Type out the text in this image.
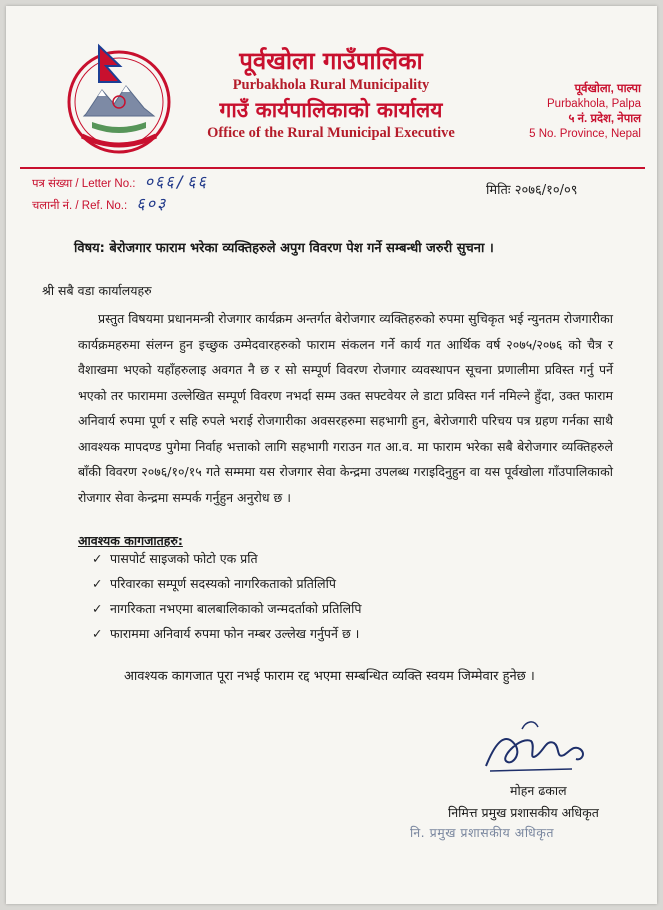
पूर्वखोला गाउँपालिका
Purbakhola Rural Municipality
गाउँ कार्यपालिकाको कार्यालय
Office of the Rural Municipal Executive
पूर्वखोला, पाल्पा
Purbakhola, Palpa
५ नं. प्रदेश, नेपाल
5 No. Province, Nepal
पत्र संख्या / Letter No.: ०६६/६६
चलानी नं. / Ref. No.: ६०३
मितिः २०७६/१०/०९
विषय: बेरोजगार फाराम भरेका व्यक्तिहरुले अपुग विवरण पेश गर्ने सम्बन्धी जरुरी सुचना ।
श्री सबै वडा कार्यालयहरु
प्रस्तुत विषयमा प्रधानमन्त्री रोजगार कार्यक्रम अन्तर्गत बेरोजगार व्यक्तिहरुको रुपमा सुचिकृत भई न्युनतम रोजगारीका कार्यक्रमहरुमा संलग्न हुन इच्छुक उम्मेदवारहरुको फाराम संकलन गर्ने कार्य गत आर्थिक वर्ष २०७५/२०७६ को चैत्र र वैशाखमा भएको यहाँहरुलाइ अवगत नै छ र सो सम्पूर्ण विवरण रोजगार व्यवस्थापन सूचना प्रणालीमा प्रविस्त गर्नु पर्ने भएको तर फाराममा उल्लेखित सम्पूर्ण विवरण नभर्दा सम्म उक्त सफ्टवेयर ले डाटा प्रविस्त गर्न नमिल्ने हुँदा, उक्त फाराम अनिवार्य रुपमा पूर्ण र सहि रुपले भराई रोजगारीका अवसरहरुमा सहभागी हुन, बेरोजगारी परिचय पत्र ग्रहण गर्नका साथै आवश्यक मापदण्ड पुगेमा निर्वाह भत्ताको लागि सहभागी गराउन गत आ.व. मा फाराम भरेका सबै बेरोजगार व्यक्तिहरुले बाँकी विवरण २०७६/१०/१५ गते सम्ममा यस रोजगार सेवा केन्द्रमा उपलब्ध गराइदिनुहुन वा यस पूर्वखोला गाँउपालिकाको रोजगार सेवा केन्द्रमा सम्पर्क गर्नुहुन अनुरोध छ ।
आवश्यक कागजातहरु:
✓ पासपोर्ट साइजको फोटो एक प्रति
✓ परिवारका सम्पूर्ण सदस्यको नागरिकताको प्रतिलिपि
✓ नागरिकता नभएमा बालबालिकाको जन्मदर्ताको प्रतिलिपि
✓ फाराममा अनिवार्य रुपमा फोन नम्बर उल्लेख गर्नुपर्ने छ ।
आवश्यक कागजात पूरा नभई फाराम रद्द भएमा सम्बन्धित व्यक्ति स्वयम जिम्मेवार हुनेछ ।
मोहन ढकाल
निमित्त प्रमुख प्रशासकीय अधिकृत
नि. प्रमुख प्रशासकीय अधिकृत
